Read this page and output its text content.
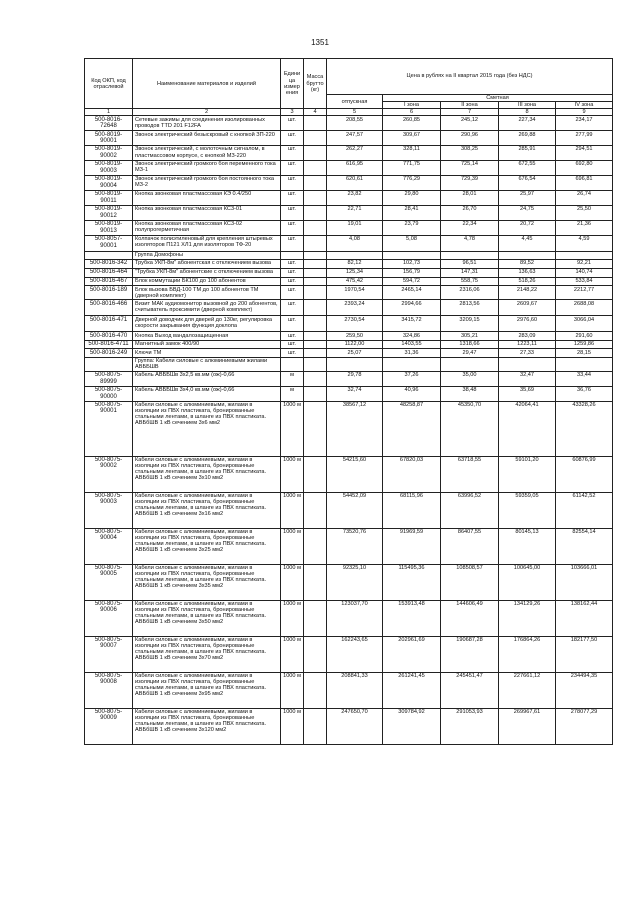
1351
Код ОКП, код отраслевой	Наименование материалов и изделий	Единица измерения	Масса брутто (кг)	Цена в рублях на II квартал 2015 года (без НДС)				
				отпускная	Сметная			
					I зона	II зона	III зона	IV зона
1	2	3	4	5	6	7	8	9
500-8016-72648	Сетевые зажимы для соединения изолированных проводов TTD 201 F12FA	шт.		208,55	260,85	245,12	227,34	234,17
500-8019-90001	Звонок электрический безыскровый с кнопкой ЗП-220	шт.		247,57	309,67	290,96	269,88	277,99
500-8019-90002	Звонок электрический, с молоточным сигналом, в пластмассовом корпусе, с кнопкой МЗ-220	шт.		262,27	328,11	308,25	285,91	294,51
500-8019-90003	Звонок электрический громкого боя переменного тока МЗ-1	шт.		616,95	771,75	725,14	672,55	692,80
500-8019-90004	Звонок электрический громкого боя постоянного тока МЗ-2	шт.		620,61	776,29	729,39	676,54	696,81
500-8019-90011	Кнопка звонковая пластмассовая КЭ 0.4/250	шт.		23,82	29,80	28,01	25,97	26,74
500-8019-90012	Кнопка звонковая пластмассовая КС3-01	шт.		22,71	28,41	26,70	24,75	25,50
500-8019-90013	Кнопка звонковая пластмассовая КС3-02 полупрогерметичная	шт.		19,01	23,79	22,34	20,72	21,36
500-8057-90001	Колпачок полиэтиленовый для крепления штыревых изоляторов П121 ХЛ1 для изоляторов ТФ-20	шт.		4,08	5,08	4,78	4,45	4,59
	Группа Домофоны							
500-8016-342	Трубка УКП-8м" абонентская с отключением вызова	шт.		82,12	102,73	96,51	89,52	92,21
500-8016-464	"Трубка УКП-8м" абонентские с отключением вызова	шт.		125,34	156,79	147,31	136,63	140,74
500-8016-467	Блок коммутации БК100 до 100 абонентов	шт.		475,42	594,72	558,75	518,26	533,84
500-8016-189	Блок вызова БВД-100 ТМ до 100 абонентов ТМ (дверной комплект)	шт.		1970,54	2465,14	2316,06	2148,22	2212,77
500-8016-466	Визит МАК аудиомонитор вызовной до 200 абонентов, считыватель проксимити (дверной комплект)	шт.		2393,24	2994,66	2813,56	2609,67	2688,08
500-8016-471	Дверной доводчик для дверей до 130кг, регулировка скорости закрывания функция доклопа	шт.		2730,54	3415,72	3209,15	2976,60	3066,04
500-8016-470	Кнопка Выход вандалозащищенная	шт.		259,50	324,86	305,21	283,09	291,60
500-8016-4711	Магнитный замок 400/90	шт.		1122,00	1403,55	1318,66	1223,11	1259,86
500-8016-249	Ключи ТМ	шт.		25,07	31,36	29,47	27,33	28,15
	Группа: Кабели силовые с алюминиевыми жилами АВББШВ							
500-8075-89999	Кабель АВББШв 3х2,5 кв.мм (ож)-0,66	м		29,78	37,26	35,00	32,47	33,44
500-8075-90000	Кабель АВББШв 3х4,0 кв.мм (ож)-0,66	м		32,74	40,96	38,48	35,69	36,76
500-8075-90001	Кабели силовые с алюминиевыми, жилами в изоляции из ПВХ пластиката, бронированные стальными лентами, в шланге из ПВХ пластиката. АВБбШВ 1 кВ сечением 3х6 мм2	1000 м		38567,12	48258,87	45350,70	42064,41	43328,26
500-8075-90002	Кабели силовые с алюминиевыми, жилами в изоляции из ПВХ пластиката, бронированные стальными лентами, в шланге из ПВХ пластиката. АВБбШВ 1 кВ сечением 3х10 мм2	1000 м		54215,60	67820,03	63718,55	59101,20	60876,99
500-8075-90003	Кабели силовые с алюминиевыми, жилами в изоляции из ПВХ пластиката, бронированные стальными лентами, в шланге из ПВХ пластиката. АВБбШВ 1 кВ сечением 3х16 мм2	1000 м		54452,09	68115,96	63996,52	59359,05	61142,52
500-8075-90004	Кабели силовые с алюминиевыми, жилами в изоляции из ПВХ пластиката, бронированные стальными лентами, в шланге из ПВХ пластиката. АВБбШВ 1 кВ сечением 3х25 мм2	1000 м		73520,76	91969,59	86407,55	80145,13	82554,14
500-8075-90005	Кабели силовые с алюминиевыми, жилами в изоляции из ПВХ пластиката, бронированные стальными лентами, в шланге из ПВХ пластиката. АВБбШВ 1 кВ сечением 3х35 мм2	1000 м		92325,10	115495,36	108508,57	100645,00	103666,01
500-8075-90006	Кабели силовые с алюминиевыми, жилами в изоляции из ПВХ пластиката, бронированные стальными лентами, в шланге из ПВХ пластиката. АВБбШВ 1 кВ сечением 3х50 мм2	1000 м		123037,70	153913,48	144606,49	134129,26	138162,44
500-8075-90007	Кабели силовые с алюминиевыми, жилами в изоляции из ПВХ пластиката, бронированные стальными лентами, в шланге из ПВХ пластиката. АВБбШВ 1 кВ сечением 3х70 мм2	1000 м		162243,65	202961,69	190687,28	176864,26	182177,50
500-8075-90008	Кабели силовые с алюминиевыми, жилами в изоляции из ПВХ пластиката, бронированные стальными лентами, в шланге из ПВХ пластиката. АВБбШВ 1 кВ сечением 3х95 мм2	1000 м		208841,33	261241,45	245451,47	227661,12	234494,35
500-8075-90009	Кабели силовые с алюминиевыми, жилами в изоляции из ПВХ пластиката, бронированные стальными лентами, в шланге из ПВХ пластиката. АВБбШВ 1 кВ сечением 3х120 мм2	1000 м		247650,70	309784,92	291053,93	269967,61	278077,29
